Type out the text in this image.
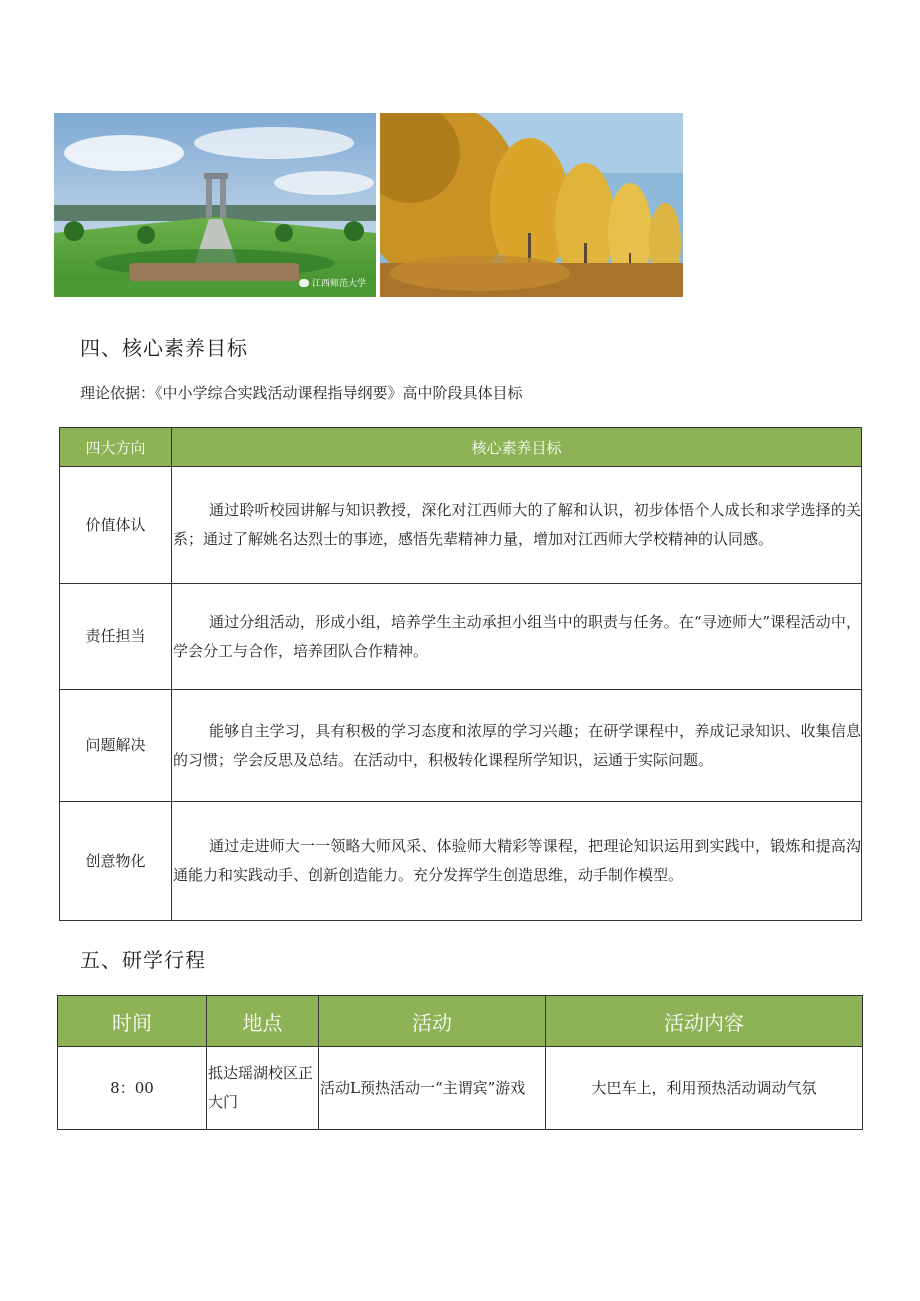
江西师范大学
四、核心素养目标
理论依据：《中小学综合实践活动课程指导纲要》高中阶段具体目标
四大方向	核心素养目标
价值体认	通过聆听校园讲解与知识教授，深化对江西师大的了解和认识，初步体悟个人成长和求学选择的关系；通过了解姚名达烈士的事迹，感悟先辈精神力量，增加对江西师大学校精神的认同感。
责任担当	通过分组活动，形成小组，培养学生主动承担小组当中的职责与任务。在“寻迹师大”课程活动中，学会分工与合作，培养团队合作精神。
问题解决	能够自主学习，具有积极的学习态度和浓厚的学习兴趣；在研学课程中，养成记录知识、收集信息的习惯；学会反思及总结。在活动中，积极转化课程所学知识，运通于实际问题。
创意物化	通过走进师大一一领略大师风采、体验师大精彩等课程，把理论知识运用到实践中，锻炼和提高沟通能力和实践动手、创新创造能力。充分发挥学生创造思维，动手制作模型。
五、研学行程
时间	地点	活动	活动内容
8：00	抵达瑶湖校区正大门	活动L预热活动一“主谓宾”游戏	大巴车上，利用预热活动调动气氛
